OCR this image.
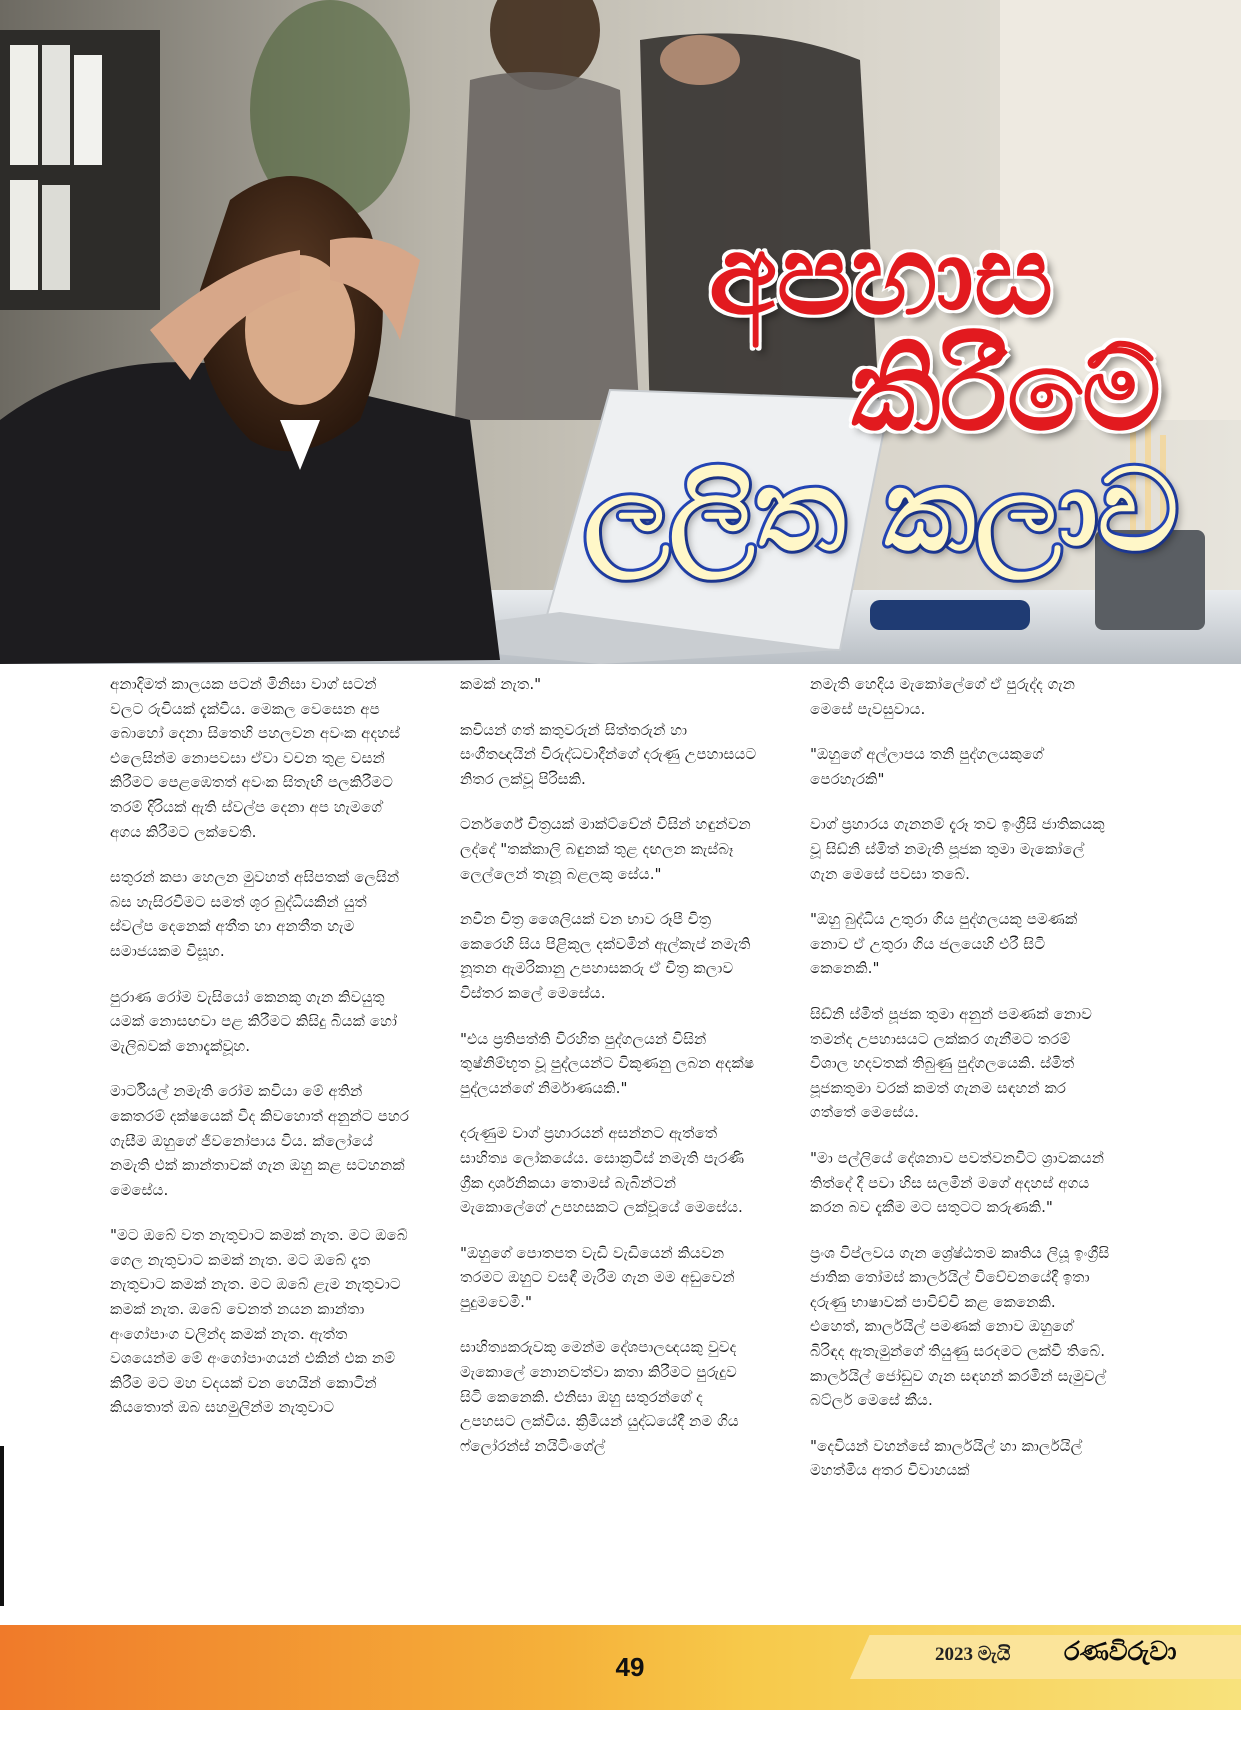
අපහාස
කිරීමේ
ලලිත කලාව

අනාදිමත් කාලයක පටන් මිනිසා වාග් සටන් වලට රුචියක් දැක්විය. මෙකල වෙසෙන අප බොහෝ දෙනා සිතෙහි පහලවන අවංක අදහස් එලෙසින්ම නොපවසා ඒවා වචන තුළ වසන් කිරීමට පෙළඹෙතත් අවංක සිතැඟි පලකිරීමට තරම් දිරියක් ඇති ස්වල්ප දෙනා අප හැමගේ අගය කිරීමට ලක්වෙති.

සතුරන් කපා හෙලන මුවහත් අසිපතක් ලෙසින් බස හැසිරවීමට සමත් ශූර බුද්ධියකින් යුත් ස්වල්ප දෙනෙක් අතීත හා අනතීත හැම සමාජයකම විසූහ.

පුරාණ රෝම වැසියෝ කෙනකු ගැන කිවයුතු යමක් නොසඟවා පළ කිරීමට කිසිදු බියක් හෝ මැලිබවක් නොදැක්වූහ.

මාර්ටියල් නමැති රෝම කවියා මේ අතින් කෙතරම් දක්ෂයෙක් වීද කිවහොත් අනුන්ට පහර ගැසීම ඔහුගේ ජීවනෝපාය විය. ක්ලෝයේ නමැති එක් කාන්තාවක් ගැන ඔහු කළ සටහනක් මෙසේය.

"මට ඔබේ වත නැතුවාට කමක් නැත. මට ඔබේ ගෙල නැතුවාට කමක් නැත. මට ඔබේ දෑත නැතුවාට කමක් නැත. මට ඔබේ ළැම නැතුවාට කමක් නැත. ඔබේ වෙනත් නයන කාන්තා අංගෝපාංග වලින්ද කමක් නැත. ඇත්ත වශයෙන්ම මේ අංගෝපාංගයන් එකින් එක නම් කිරීම මට මහ වදයක් වන හෙයින් කොටින් කියතොත් ඔබ සහමුලින්ම නැතුවාට

කමක් නැත."

කවියන් ගත් කතුවරුන් සිත්තරුන් හා සංගීතඥයින් විරුද්ධවාදීන්ගේ දරුණු උපහාසයට නිතර ලක්වූ පිරිසකි.

ටර්නර්ගේ චිත්‍රයක් මාක්ට්වේන් විසින් හඳුන්වන ලද්දේ "තක්කාලි බඳුනක් තුළ දඟලන කැස්බෑ ලෙල්ලෙන් තැනූ බළලකු සේය."

නවීන චිත්‍ර ශෛලියක් වන භාව රූපී චිත්‍ර කෙරෙහි සිය පිළිකුල දක්වමින් ඇල්කැප් නමැති නූතන ඇමරිකානු උපහාසකරු ඒ චිත්‍ර කලාව විස්තර කලේ මෙසේය.

"එය ප්‍රතිපත්ති විරහිත පුද්ගලයන් විසින් තුෂ්නිම්භූත වූ පුද්ලයන්ට විකුණනු ලබන අදක්ෂ පුද්ලයන්ගේ නිර්මාණයකි."

දරුණුම වාග් ප්‍රහාරයන් අසන්නට ඇත්තේ සාහිත්‍ය ලෝකයේය. සොක්‍රටීස් නමැති පැරණි ග්‍රීක දාර්ශනිකයා තොමස් බැබින්ටන් මැකොලේගේ උපහසකට ලක්වූයේ මෙසේය.

"ඔහුගේ පොතපත වැඩි වැඩියෙන් කියවන තරමට ඔහුට වසඳී මැරීම ගැන මම අඩුවෙන් පුදුමවෙමි."

සාහිත්‍යකරුවකු මෙන්ම දේශපාලඥයකු වුවද මැකොලේ නොනවත්වා කතා කිරීමට පුරුදුව සිටි කෙනෙකි. එනිසා ඔහු සතුරන්ගේ ද උපහසට ලක්විය. ක්‍රිමියන් යුද්ධයේදී නම ගිය ෆ්ලෝරන්ස් නයිටිංගේල්

නමැති හෙදිය මැකෝලේගේ ඒ පුරුද්ද ගැන මෙසේ පැවසුවාය.

"ඔහුගේ අල්ලාපය තනි පුද්ගලයකුගේ පෙරහැරකි"

වාග් ප්‍රහාරය ගැනනම් දැරූ තව ඉංග්‍රීසි ජාතිකයකු වූ සිඩ්නි ස්මිත් නමැති පූජක තුමා මැකෝලේ ගැන මෙසේ පවසා තබේ.

"ඔහු බුද්ධිය උතුරා ගිය පුද්ගලයකු පමණක් නොව ඒ උතුරා ගිය ජලයෙහි එරී සිටි කෙනෙකි."

සිඩ්නි ස්මිත් පූජක තුමා අනුන් පමණක් නොව තමන්ද උපහාසයට ලක්කර ගැනීමට තරම් විශාල හදවතක් තිබුණු පුද්ගලයෙකි. ස්මිත් පූජකතුමා වරක් කමත් ගැනම සඳහන් කර ගත්තේ මෙසේය.

"මා පල්ලියේ දේශනාව පවත්වනවිට ශ්‍රාවකයන් තිත්දේ දී පවා හිස සලමින් මගේ අදහස් අගය කරන බව දැකීම මට සතුටට කරුණකි."

ප්‍රංශ විප්ලවය ගැන ශ්‍රේෂ්ඨතම කෘතිය ලියූ ඉංග්‍රීසි ජාතික තෝමස් කාර්ලයිල් විවේචනයේදී ඉතා දරුණු භාෂාවක් පාවිච්චි කළ කෙනෙකි. එහෙත්, කාර්ලයිල් පමණක් නොව ඔහුගේ බිරිඳද ඇතැමුන්ගේ තියුණු සරදමට ලක්වී තිබේ. කාර්ලයිල් ජෝඩුව ගැන සඳහන් කරමින් සැමුවල් බට්ලර් මෙසේ කීය.

"දෙවියන් වහන්සේ කාර්ලයිල් හා කාර්ලයිල් මහත්මිය අතර විවාහයක්

49	2023 මැයි රණවිරුවා
